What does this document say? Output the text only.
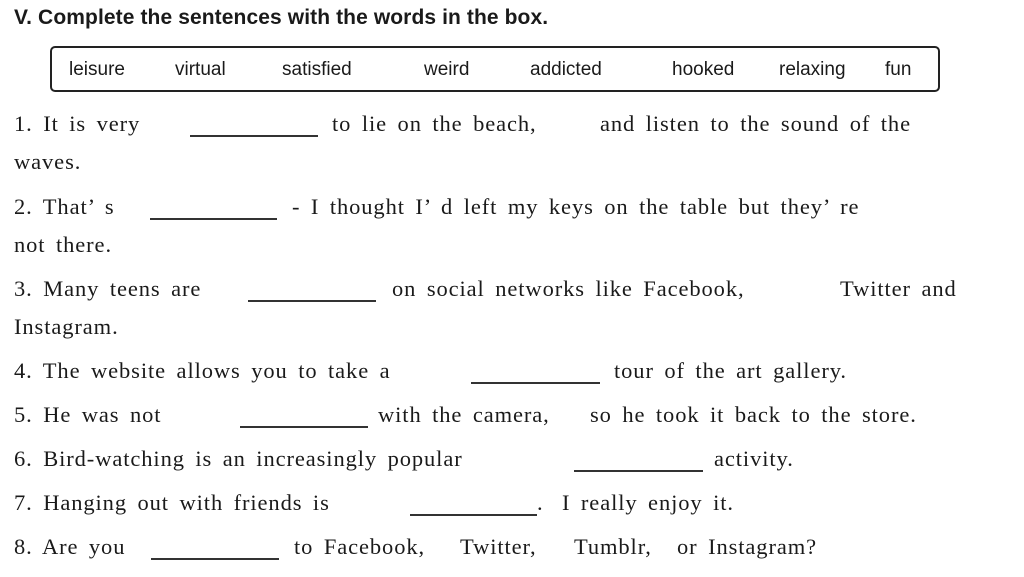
V. Complete the sentences with the words in the box.
leisure	virtual	satisfied	weird	addicted	hooked relaxing fun
1. It is very	to lie on the beach,	and listen to the sound of the
waves.
2. That’ s	- I thought I’ d left my keys on the table but they’ re
not there.
3. Many teens are	on social networks like Facebook,	Twitter and
Instagram.
4. The website allows you to take a	tour of the art gallery.
5. He was not	with the camera, so he took it back to the store.
6. Bird-watching is an increasingly popular	activity.
7. Hanging out with friends is	. I really enjoy it.
8. Are you	to Facebook, Twitter, Tumblr, or Instagram?
